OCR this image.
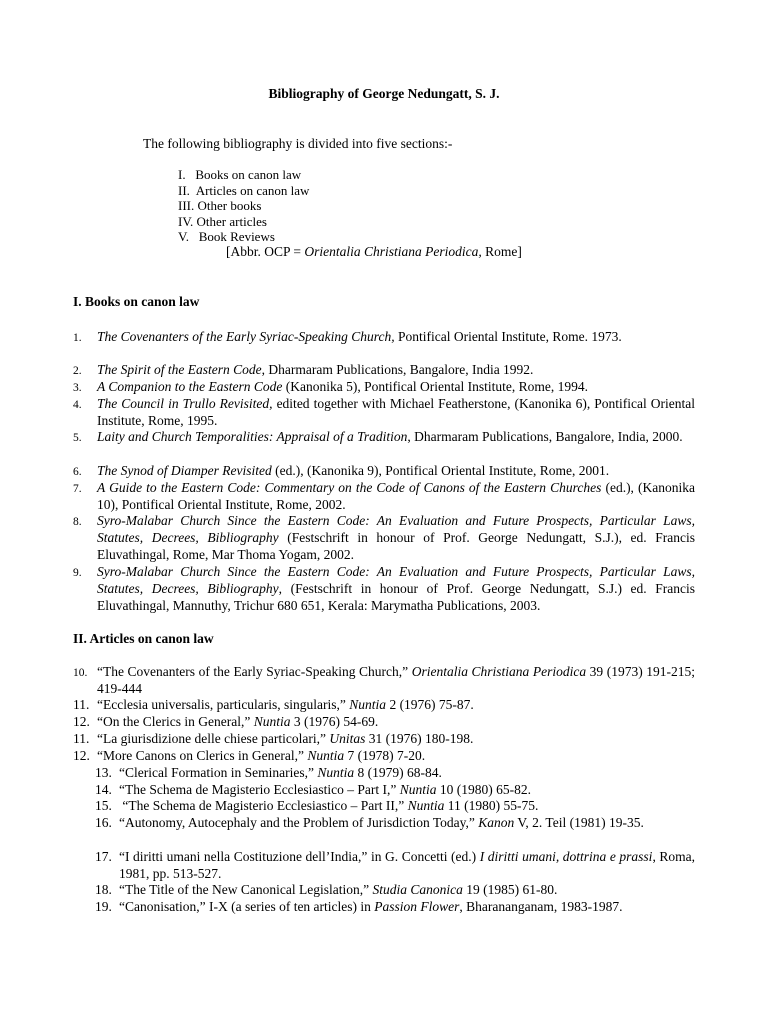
Bibliography of George Nedungatt, S. J.
The following bibliography is divided into five sections:-
I.   Books on canon law
II.  Articles on canon law
III. Other books
IV. Other articles
V.   Book Reviews
[Abbr. OCP = Orientalia Christiana Periodica, Rome]
I. Books on canon law
1. The Covenanters of the Early Syriac-Speaking Church, Pontifical Oriental Institute, Rome. 1973.
2. The Spirit of the Eastern Code, Dharmaram Publications, Bangalore, India 1992.
3. A Companion to the Eastern Code (Kanonika 5), Pontifical Oriental Institute, Rome, 1994.
4. The Council in Trullo Revisited, edited together with Michael Featherstone, (Kanonika 6), Pontifical Oriental Institute, Rome, 1995.
5. Laity and Church Temporalities: Appraisal of a Tradition, Dharmaram Publications, Bangalore, India, 2000.
6. The Synod of Diamper Revisited (ed.), (Kanonika 9), Pontifical Oriental Institute, Rome, 2001.
7. A Guide to the Eastern Code: Commentary on the Code of Canons of the Eastern Churches (ed.), (Kanonika 10), Pontifical Oriental Institute, Rome, 2002.
8. Syro-Malabar Church Since the Eastern Code: An Evaluation and Future Prospects, Particular Laws, Statutes, Decrees, Bibliography (Festschrift in honour of Prof. George Nedungatt, S.J.), ed. Francis Eluvathingal, Rome, Mar Thoma Yogam, 2002.
9. Syro-Malabar Church Since the Eastern Code: An Evaluation and Future Prospects, Particular Laws, Statutes, Decrees, Bibliography, (Festschrift in honour of Prof. George Nedungatt, S.J.) ed. Francis Eluvathingal, Mannuthy, Trichur 680 651, Kerala: Marymatha Publications, 2003.
II. Articles on canon law
10. “The Covenanters of the Early Syriac-Speaking Church,” Orientalia Christiana Periodica 39 (1973) 191-215; 419-444
11. “Ecclesia universalis, particularis, singularis,” Nuntia 2 (1976) 75-87.
12. “On the Clerics in General,” Nuntia 3 (1976) 54-69.
11. “La giurisdizione delle chiese particolari,” Unitas 31 (1976) 180-198.
12. “More Canons on Clerics in General,” Nuntia 7 (1978) 7-20.
13. “Clerical Formation in Seminaries,” Nuntia 8 (1979) 68-84.
14. “The Schema de Magisterio Ecclesiastico – Part I,” Nuntia 10 (1980) 65-82.
15. “The Schema de Magisterio Ecclesiastico – Part II,” Nuntia 11 (1980) 55-75.
16. “Autonomy, Autocephaly and the Problem of Jurisdiction Today,” Kanon V, 2. Teil (1981) 19-35.
17. “I diritti umani nella Costituzione dell’India,” in G. Concetti (ed.) I diritti umani, dottrina e prassi, Roma, 1981, pp. 513-527.
18. “The Title of the New Canonical Legislation,” Studia Canonica 19 (1985) 61-80.
19. “Canonisation,” I-X (a series of ten articles) in Passion Flower, Bharananganam, 1983-1987.
